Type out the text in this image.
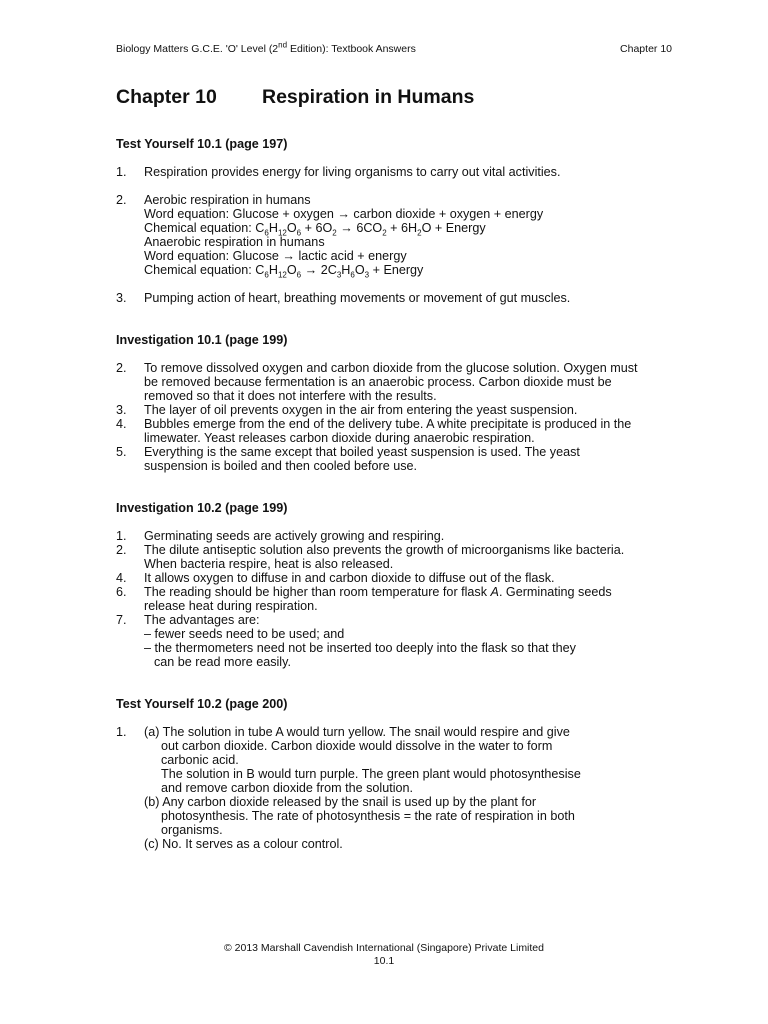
Biology Matters G.C.E. 'O' Level (2nd Edition): Textbook Answers	Chapter 10
Chapter 10 Respiration in Humans
Test Yourself 10.1 (page 197)
1.	Respiration provides energy for living organisms to carry out vital activities.
2.	Aerobic respiration in humans
Word equation: Glucose + oxygen → carbon dioxide + oxygen + energy
Chemical equation: $C_6H_{12}O_6 + 6O_2 \to 6CO_2 + 6H_2O$ + Energy
Anaerobic respiration in humans
Word equation: Glucose → lactic acid + energy
Chemical equation: $C_6H_{12}O_6 \to 2C_3H_6O_3$ + Energy
3.	Pumping action of heart, breathing movements or movement of gut muscles.
Investigation 10.1 (page 199)
2.	To remove dissolved oxygen and carbon dioxide from the glucose solution. Oxygen must
be removed because fermentation is an anaerobic process. Carbon dioxide must be
removed so that it does not interfere with the results.
3.	The layer of oil prevents oxygen in the air from entering the yeast suspension.
4.	Bubbles emerge from the end of the delivery tube. A white precipitate is produced in the
limewater. Yeast releases carbon dioxide during anaerobic respiration.
5.	Everything is the same except that boiled yeast suspension is used. The yeast
suspension is boiled and then cooled before use.
Investigation 10.2 (page 199)
1.	Germinating seeds are actively growing and respiring.
2.	The dilute antiseptic solution also prevents the growth of microorganisms like bacteria.
When bacteria respire, heat is also released.
4.	It allows oxygen to diffuse in and carbon dioxide to diffuse out of the flask.
6.	The reading should be higher than room temperature for flask A. Germinating seeds
release heat during respiration.
7.	The advantages are:
– fewer seeds need to be used; and
– the thermometers need not be inserted too deeply into the flask so that they
can be read more easily.
Test Yourself 10.2 (page 200)
1.	(a) The solution in tube A would turn yellow. The snail would respire and give
out carbon dioxide. Carbon dioxide would dissolve in the water to form
carbonic acid.
The solution in B would turn purple. The green plant would photosynthesise
and remove carbon dioxide from the solution.
(b) Any carbon dioxide released by the snail is used up by the plant for
photosynthesis. The rate of photosynthesis = the rate of respiration in both
organisms.
(c) No. It serves as a colour control.
© 2013 Marshall Cavendish International (Singapore) Private Limited
10.1
